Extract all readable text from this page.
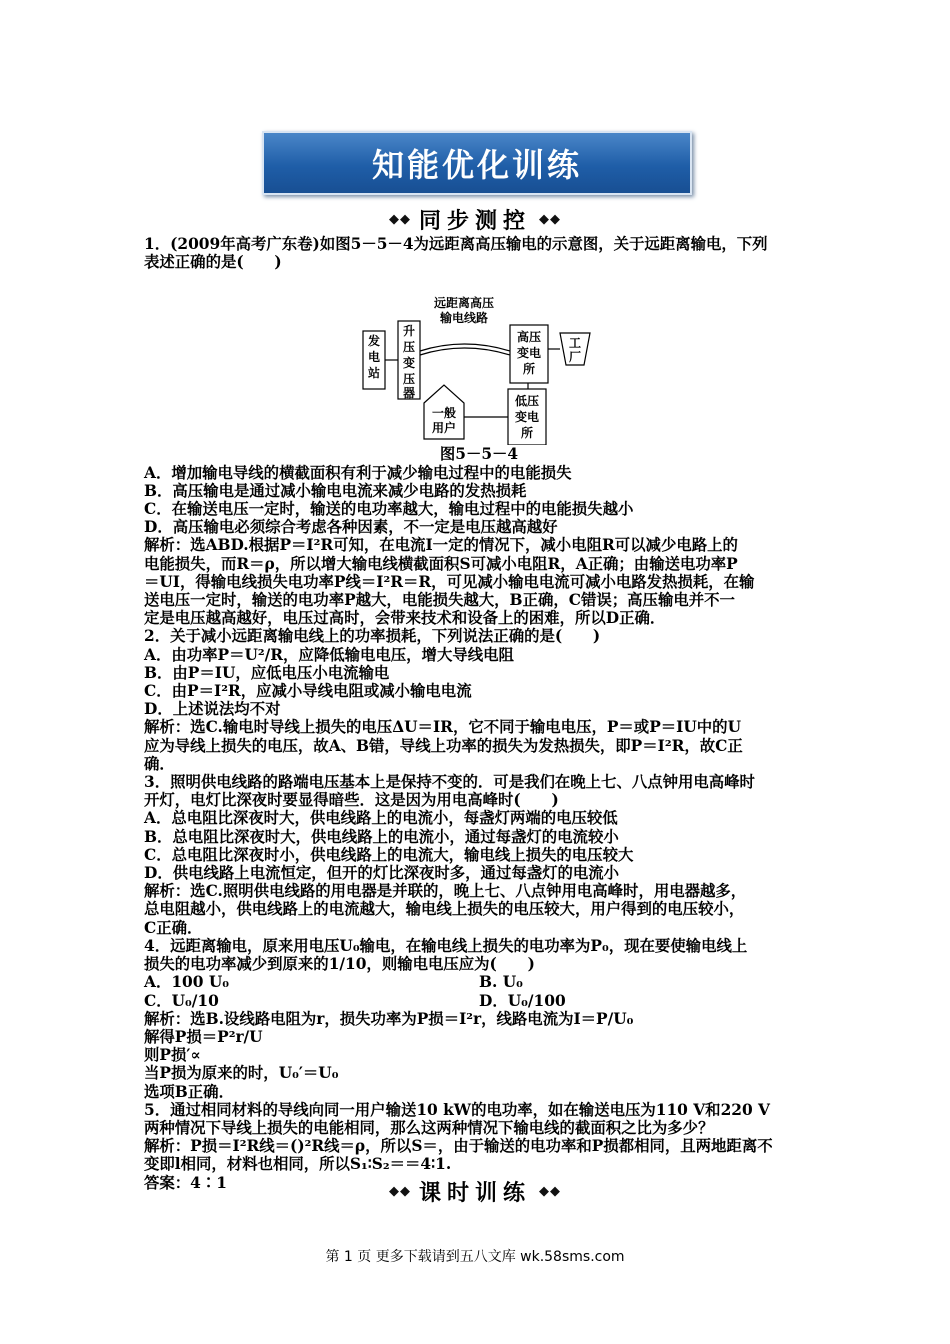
知能优化训练
◆◆ 同步测控 ◆◆

1．(2009年高考广东卷)如图5－5－4为远距离高压输电的示意图，关于远距离输电，下列

表述正确的是(　　)

发
电
站
升
压
变
压
器
远距离高压
输电线路
高压
变电
所
工
厂
一般
用户
低压
变电
所

图5－5－4

A．增加输电导线的横截面积有利于减少输电过程中的电能损失

B．高压输电是通过减小输电电流来减少电路的发热损耗

C．在输送电压一定时，输送的电功率越大，输电过程中的电能损失越小

D．高压输电必须综合考虑各种因素，不一定是电压越高越好

解析：选ABD.根据P＝I²R可知，在电流I一定的情况下，减小电阻R可以减少电路上的

电能损失，而R＝ρ，所以增大输电线横截面积S可减小电阻R，A正确；由输送电功率P

＝UI，得输电线损失电功率P线＝I²R＝R，可见减小输电电流可减小电路发热损耗，在输

送电压一定时，输送的电功率P越大，电能损失越大，B正确，C错误；高压输电并不一

定是电压越高越好，电压过高时，会带来技术和设备上的困难，所以D正确．

2．关于减小远距离输电线上的功率损耗，下列说法正确的是(　　)

A．由功率P＝U²/R，应降低输电电压，增大导线电阻

B．由P＝IU，应低电压小电流输电

C．由P＝I²R，应减小导线电阻或减小输电电流

D．上述说法均不对

解析：选C.输电时导线上损失的电压ΔU＝IR，它不同于输电电压，P＝或P＝IU中的U

应为导线上损失的电压，故A、B错，导线上功率的损失为发热损失，即P＝I²R，故C正

确．

3．照明供电线路的路端电压基本上是保持不变的．可是我们在晚上七、八点钟用电高峰时

开灯，电灯比深夜时要显得暗些．这是因为用电高峰时(　　)

A．总电阻比深夜时大，供电线路上的电流小，每盏灯两端的电压较低

B．总电阻比深夜时大，供电线路上的电流小，通过每盏灯的电流较小

C．总电阻比深夜时小，供电线路上的电流大，输电线上损失的电压较大

D．供电线路上电流恒定，但开的灯比深夜时多，通过每盏灯的电流小

解析：选C.照明供电线路的用电器是并联的，晚上七、八点钟用电高峰时，用电器越多，

总电阻越小，供电线路上的电流越大，输电线上损失的电压较大，用户得到的电压较小，

C正确．

4．远距离输电，原来用电压U₀输电，在输电线上损失的电功率为P₀，现在要使输电线上

损失的电功率减少到原来的1/10，则输电电压应为(　　)

A．100 U₀	B. U₀
C．U₀/10	D．U₀/100

解析：选B.设线路电阻为r，损失功率为P损＝I²r，线路电流为I＝P/U₀

解得P损＝P²r/U

则P损′∝

当P损为原来的时，U₀′＝U₀

选项B正确．

5．通过相同材料的导线向同一用户输送10 kW的电功率，如在输送电压为110 V和220 V

两种情况下导线上损失的电能相同，那么这两种情况下输电线的截面积之比为多少？

解析：P损＝I²R线＝()²R线＝ρ，所以S＝，由于输送的电功率和P损都相同，且两地距离不

变即l相同，材料也相同，所以S₁∶S₂＝＝4∶1.

答案：4∶1	◆◆ 课时训练 ◆◆
第 1 页 更多下载请到五八文库 wk.58sms.com
